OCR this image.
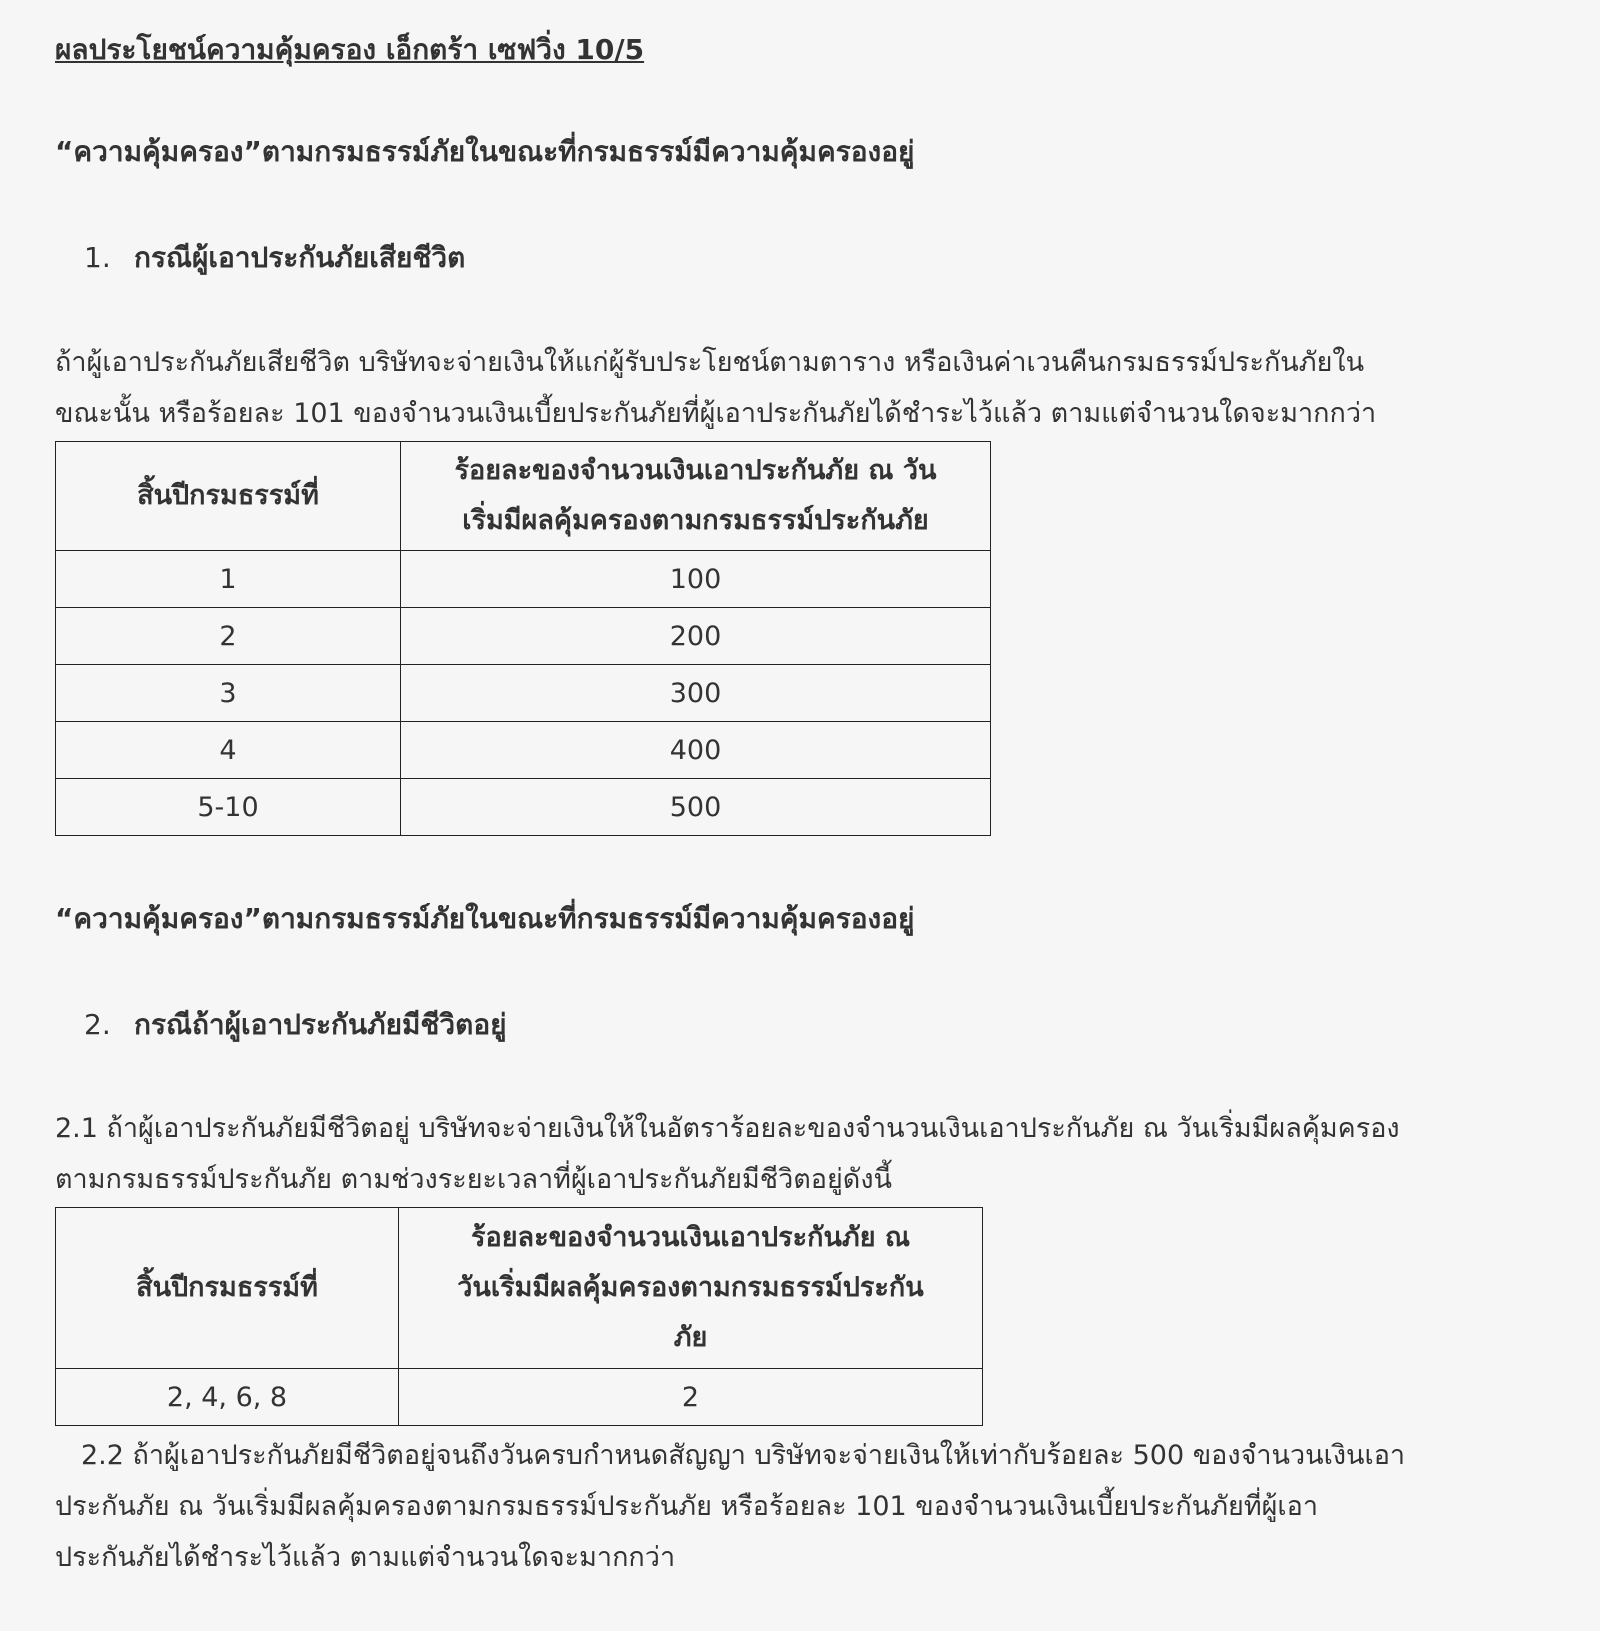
ผลประโยชน์ความคุ้มครอง เอ็กตร้า เซฟวิ่ง 10/5
“ความคุ้มครอง”ตามกรมธรรม์ภัยในขณะที่กรมธรรม์มีความคุ้มครองอยู่
1. กรณีผู้เอาประกันภัยเสียชีวิต

ถ้าผู้เอาประกันภัยเสียชีวิต บริษัทจะจ่ายเงินให้แก่ผู้รับประโยชน์ตามตาราง หรือเงินค่าเวนคืนกรมธรรม์ประกันภัยใน
ขณะนั้น หรือร้อยละ 101 ของจำนวนเงินเบี้ยประกันภัยที่ผู้เอาประกันภัยได้ชำระไว้แล้ว ตามแต่จำนวนใดจะมากกว่า

สิ้นปีกรมธรรม์ที่	ร้อยละของจำนวนเงินเอาประกันภัย ณ วัน
เริ่มมีผลคุ้มครองตามกรมธรรม์ประกันภัย
1	100
2	200
3	300
4	400
5-10	500
“ความคุ้มครอง”ตามกรมธรรม์ภัยในขณะที่กรมธรรม์มีความคุ้มครองอยู่
2. กรณีถ้าผู้เอาประกันภัยมีชีวิตอยู่

2.1 ถ้าผู้เอาประกันภัยมีชีวิตอยู่ บริษัทจะจ่ายเงินให้ในอัตราร้อยละของจำนวนเงินเอาประกันภัย ณ วันเริ่มมีผลคุ้มครอง
ตามกรมธรรม์ประกันภัย ตามช่วงระยะเวลาที่ผู้เอาประกันภัยมีชีวิตอยู่ดังนี้

สิ้นปีกรมธรรม์ที่	ร้อยละของจำนวนเงินเอาประกันภัย ณ
วันเริ่มมีผลคุ้มครองตามกรมธรรม์ประกัน
ภัย
2, 4, 6, 8	2

2.2 ถ้าผู้เอาประกันภัยมีชีวิตอยู่จนถึงวันครบกำหนดสัญญา บริษัทจะจ่ายเงินให้เท่ากับร้อยละ 500 ของจำนวนเงินเอา
ประกันภัย ณ วันเริ่มมีผลคุ้มครองตามกรมธรรม์ประกันภัย หรือร้อยละ 101 ของจำนวนเงินเบี้ยประกันภัยที่ผู้เอา
ประกันภัยได้ชำระไว้แล้ว ตามแต่จำนวนใดจะมากกว่า
